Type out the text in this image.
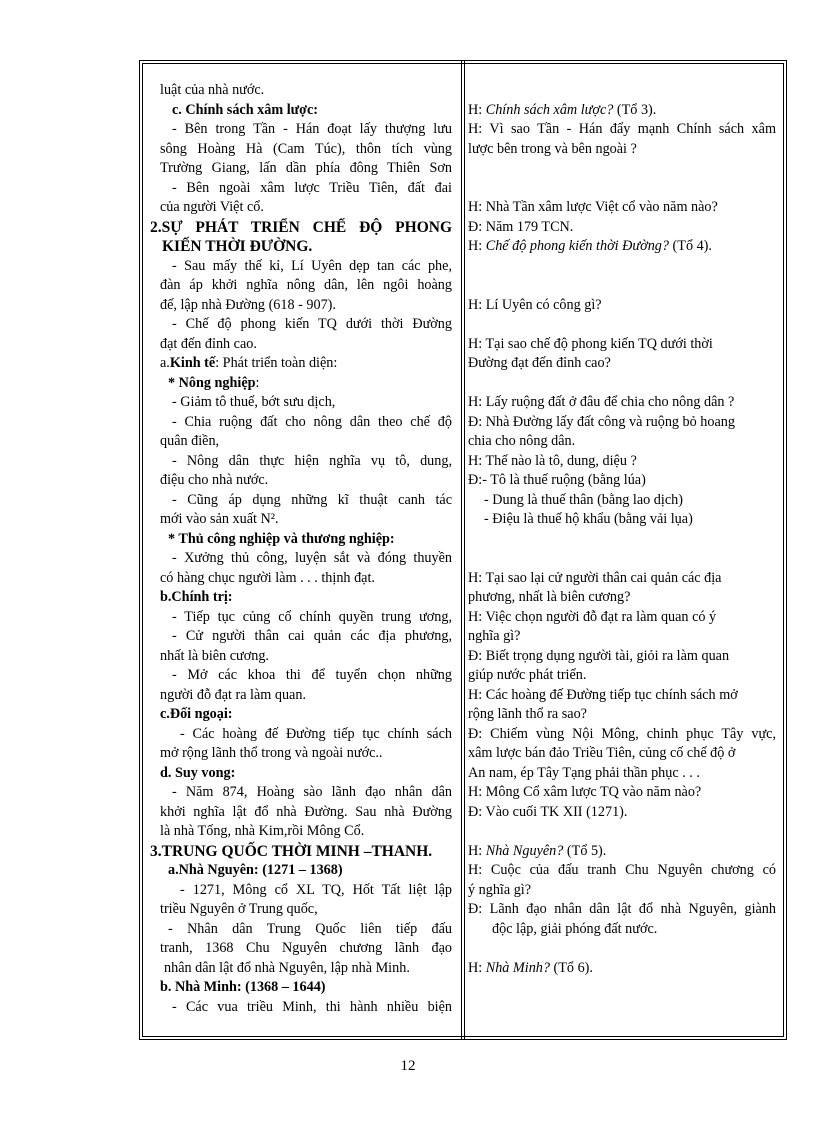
luật của nhà nước.
c. Chính sách xâm lược:
- Bên trong Tần - Hán đoạt lấy thượng lưu
sông Hoàng Hà (Cam Túc), thôn tích vùng
Trường Giang, lấn dần phía đông Thiên Sơn
- Bên ngoài xâm lược Triều Tiên, đất đai
của người Việt cổ.
2.SỰ PHÁT TRIỂN CHẾ ĐỘ PHONG
KIẾN THỜI ĐƯỜNG.
- Sau mấy thế kỉ, Lí Uyên dẹp tan các phe,
đàn áp khởi nghĩa nông dân, lên ngôi hoàng
đế, lập nhà Đường (618 - 907).
- Chế độ phong kiến TQ dưới thời Đường
đạt đến đỉnh cao.
a.Kinh tế: Phát triển toàn diện:
* Nông nghiệp:
- Giảm tô thuế, bớt sưu dịch,
- Chia ruộng đất cho nông dân theo chế độ
quân điền,
- Nông dân thực hiện nghĩa vụ tô, dung,
điệu cho nhà nước.
- Cũng áp dụng những kĩ thuật canh tác
mới vào sản xuất N².
* Thủ công nghiệp và thương nghiệp:
- Xưởng thủ công, luyện sắt và đóng thuyền
có hàng chục người làm . . . thịnh đạt.
b.Chính trị:
- Tiếp tục củng cố chính quyền trung ương,
- Cử người thân cai quản các địa phương,
nhất là biên cương.
- Mở các khoa thi để tuyển chọn những
người đỗ đạt ra làm quan.
c.Đối ngoại:
- Các hoàng đế Đường tiếp tục chính sách
mở rộng lãnh thổ trong và ngoài nước..
d. Suy vong:
- Năm 874, Hoàng sào lãnh đạo nhân dân
khởi nghĩa lật đổ nhà Đường. Sau nhà Đường
là nhà Tống, nhà Kim,rồi Mông Cổ.
3.TRUNG QUỐC THỜI MINH –THANH.
a.Nhà Nguyên: (1271 – 1368)
- 1271, Mông cổ XL TQ, Hốt Tất liệt lập
triều Nguyên ở Trung quốc,
- Nhân dân Trung Quốc liên tiếp đấu
tranh, 1368 Chu Nguyên chương lãnh đạo
nhân dân lật đổ nhà Nguyên, lập nhà Minh.
b. Nhà Minh: (1368 – 1644)
- Các vua triều Minh, thi hành nhiều biện
H: Chính sách xâm lược? (Tổ 3).
H: Vì sao Tần - Hán đẩy mạnh Chính sách xâm
lược bên trong và bên ngoài ?
H: Nhà Tần xâm lược Việt cổ vào năm nào?
Đ: Năm 179 TCN.
H: Chế độ phong kiến thời Đường? (Tổ 4).
H: Lí Uyên có công gì?
H: Tại sao chế độ phong kiến TQ dưới thời
Đường đạt đến đỉnh cao?
H: Lấy ruộng đất ở đâu để chia cho nông dân ?
Đ: Nhà Đường lấy đất công và ruộng bỏ hoang
chia cho nông dân.
H: Thế nào là tô, dung, diệu ?
Đ:- Tô là thuế ruộng (bằng lúa)
- Dung là thuế thân (bằng lao dịch)
- Điệu là thuế hộ khẩu (bằng vải lụa)
H: Tại sao lại cử người thân cai quản các địa
phương, nhất là biên cương?
H: Việc chọn người đỗ đạt ra làm quan có ý
nghĩa gì?
Đ: Biết trọng dụng người tài, giỏi ra làm quan
giúp nước phát triển.
H: Các hoàng đế Đường tiếp tục chính sách mở
rộng lãnh thổ ra sao?
Đ: Chiếm vùng Nội Mông, chinh phục Tây vực,
xâm lược bán đảo Triều Tiên, củng cố chế độ ở
An nam, ép Tây Tạng phải thần phục . . .
H: Mông Cổ xâm lược TQ vào năm nào?
Đ: Vào cuối TK XII (1271).
H: Nhà Nguyên? (Tổ 5).
H: Cuộc của đấu tranh Chu Nguyên chương có
ý nghĩa gì?
Đ: Lãnh đạo nhân dân lật đổ nhà Nguyên, giành
độc lập, giải phóng đất nước.
H: Nhà Minh? (Tổ 6).
12
